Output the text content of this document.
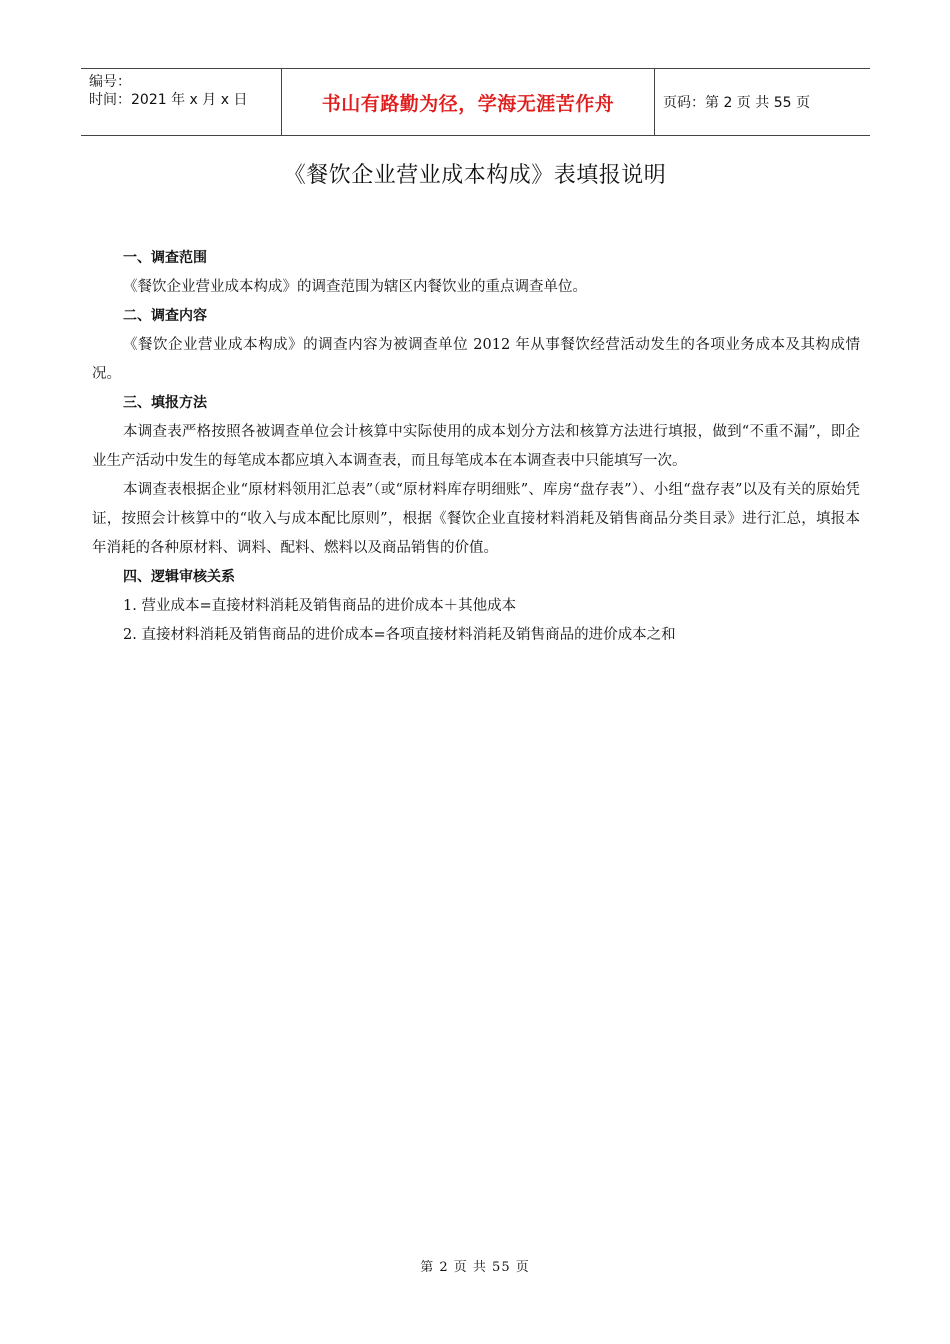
编号：
时间：2021 年 x 月 x 日	书山有路勤为径，学海无涯苦作舟	页码：第 2 页 共 55 页
《餐饮企业营业成本构成》表填报说明

一、调查范围

《餐饮企业营业成本构成》的调查范围为辖区内餐饮业的重点调查单位。

二、调查内容

《餐饮企业营业成本构成》的调查内容为被调查单位 2012 年从事餐饮经营活动发生的各项业务成本及其构成情况。

三、填报方法

本调查表严格按照各被调查单位会计核算中实际使用的成本划分方法和核算方法进行填报，做到“不重不漏”，即企业生产活动中发生的每笔成本都应填入本调查表，而且每笔成本在本调查表中只能填写一次。

本调查表根据企业“原材料领用汇总表”（或“原材料库存明细账”、库房“盘存表”）、小组“盘存表”以及有关的原始凭证，按照会计核算中的“收入与成本配比原则”，根据《餐饮企业直接材料消耗及销售商品分类目录》进行汇总，填报本年消耗的各种原材料、调料、配料、燃料以及商品销售的价值。

四、逻辑审核关系

1. 营业成本=直接材料消耗及销售商品的进价成本＋其他成本

2. 直接材料消耗及销售商品的进价成本=各项直接材料消耗及销售商品的进价成本之和

第 2 页 共 55 页
